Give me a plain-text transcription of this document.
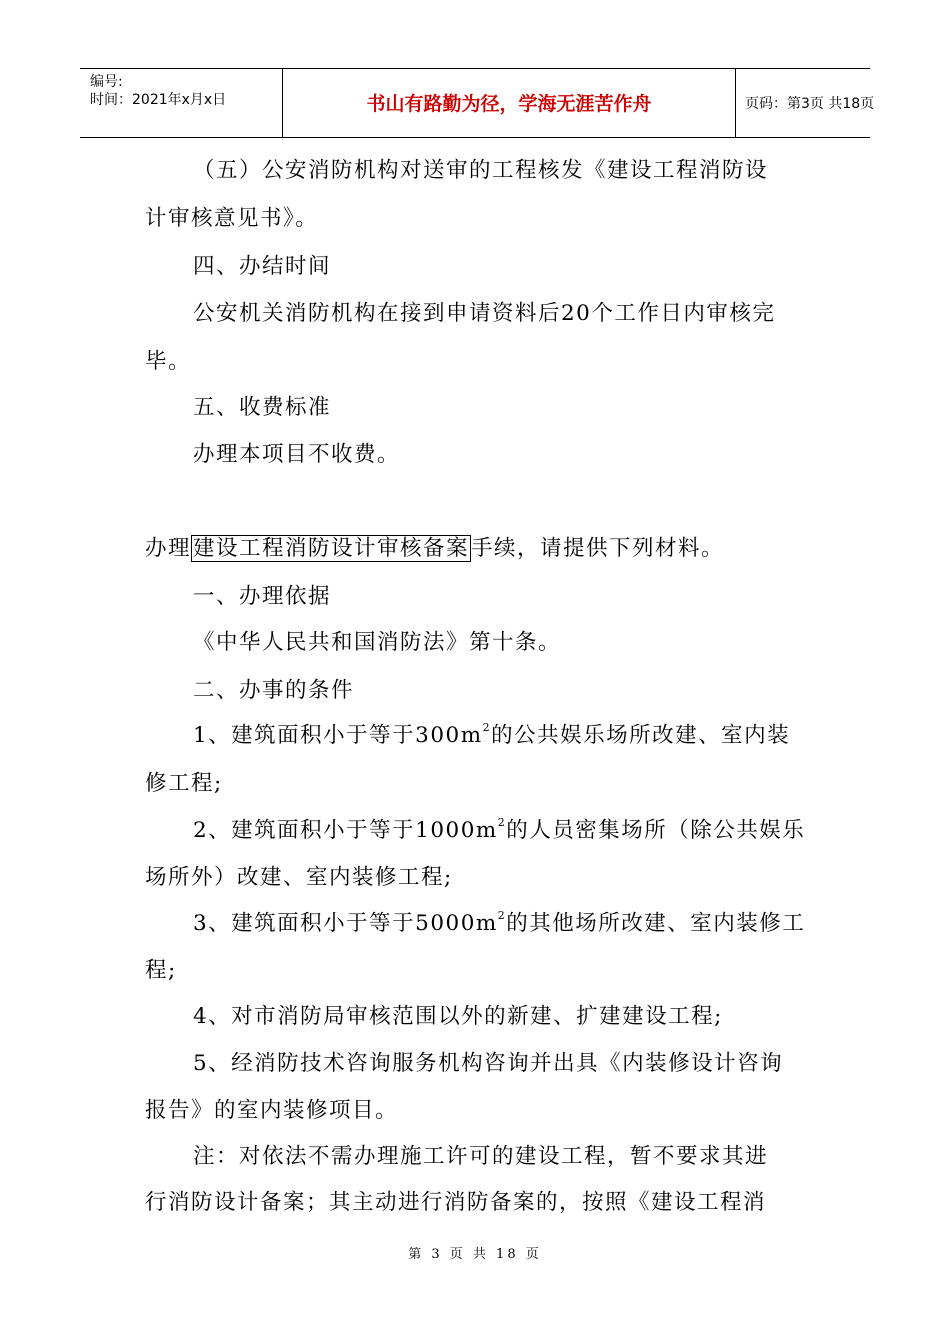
编号:
时间：2021年x月x日	书山有路勤为径，学海无涯苦作舟	页码：第3页 共18页
（五）公安消防机构对送审的工程核发《建设工程消防设
计审核意见书》。
四、办结时间
公安机关消防机构在接到申请资料后20个工作日内审核完
毕。
五、收费标准
办理本项目不收费。
办理建设工程消防设计审核备案手续，请提供下列材料。
一、办理依据
《中华人民共和国消防法》第十条。
二、办事的条件
1、建筑面积小于等于$300m^2$的公共娱乐场所改建、室内装
修工程;
2、建筑面积小于等于$1000m^2$的人员密集场所（除公共娱乐
场所外）改建、室内装修工程;
3、建筑面积小于等于$5000m^2$的其他场所改建、室内装修工
程;
4、对市消防局审核范围以外的新建、扩建建设工程;
5、经消防技术咨询服务机构咨询并出具《内装修设计咨询
报告》的室内装修项目。
注：对依法不需办理施工许可的建设工程，暂不要求其进
行消防设计备案；其主动进行消防备案的，按照《建设工程消
第 3 页 共 18 页
